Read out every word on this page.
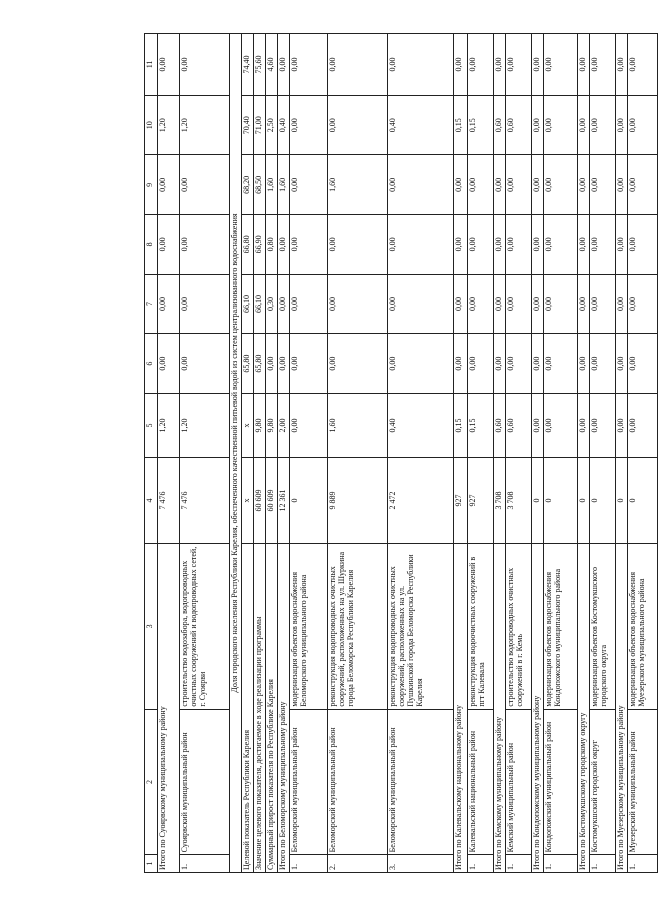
1	2	3	4	5	6	7	8	9	10	11
Итого по Суоярвскому муниципальному району			7 476	1,20	0,00	0,00	0,00	0,00	1,20	0,00
1.	Суоярвский муниципальный район	строительство водозабора, водопроводных очистных сооружений и водопроводных сетей, г. Суоярви	7 476	1,20	0,00	0,00	0,00	0,00	1,20	0,00
Доля городского населения Республики Карелия, обеспеченного качественной питьевой водой из систем централизованного водоснабжения										
Целевой показатель Республики Карелия			х	х	65,80	66,10	66,80	68,20	70,40	74,40
Значение целевого показателя, достигаемое в ходе реализации программы			60 609	9,80	65,80	66,10	66,90	68,50	71,00	75,60
Суммарный прирост показателя по Республике Карелия			60 609	9,80	0,00	0,30	0,80	1,60	2,50	4,60
Итого по Беломорскому муниципальному району			12 361	2,00	0,00	0,00	0,00	1,60	0,40	0,00
1.	Беломорский муниципальный район	модернизация объектов водоснабжения Беломорского муниципального района	0	0,00	0,00	0,00	0,00	0,00	0,00	0,00
2.	Беломорский муниципальный район	реконструкция водопроводных очистных сооружений, расположенных на ул. Шуркина города Беломорска Республики Карелия	9 889	1,60	0,00	0,00	0,00	1,60	0,00	0,00
3.	Беломорский муниципальный район	реконструкция водопроводных очистных сооружений, расположенных на ул. Пушкинской города Беломорска Республики Карелия	2 472	0,40	0,00	0,00	0,00	0,00	0,40	0,00
Итого по Калевальскому национальному району			927	0,15	0,00	0,00	0,00	0,00	0,15	0,00
1.	Калевальский национальный район	реконструкция водоочистных сооружений в пгт Калевала	927	0,15	0,00	0,00	0,00	0,00	0,15	0,00
Итого по Кемскому муниципальному району			3 708	0,60	0,00	0,00	0,00	0,00	0,60	0,00
1.	Кемский муниципальный район	строительство водопроводных очистных сооружений в г. Кемь	3 708	0,60	0,00	0,00	0,00	0,00	0,60	0,00
Итого по Кондопожскому муниципальному району			0	0,00	0,00	0,00	0,00	0,00	0,00	0,00
1.	Кондопожский муниципальный район	модернизация объектов водоснабжения Кондопожского муниципального района	0	0,00	0,00	0,00	0,00	0,00	0,00	0,00
Итого по Костомукшскому городскому округу			0	0,00	0,00	0,00	0,00	0,00	0,00	0,00
1.	Костомукшский городской округ	модернизация объектов Костомукшского городского округа	0	0,00	0,00	0,00	0,00	0,00	0,00	0,00
Итого по Муезерскому муниципальному району			0	0,00	0,00	0,00	0,00	0,00	0,00	0,00
1.	Муезерский муниципальный район	модернизация объектов водоснабжения Муезерского муниципального района	0	0,00	0,00	0,00	0,00	0,00	0,00	0,00
